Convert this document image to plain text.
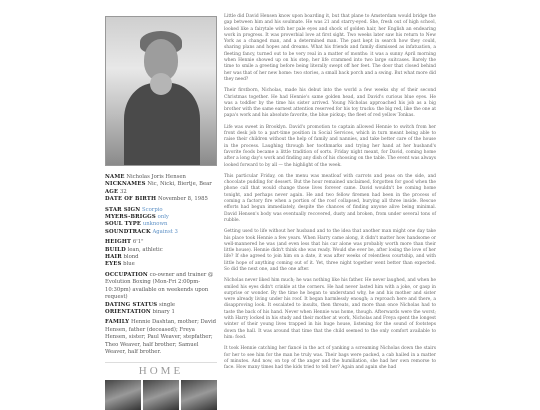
NAME Nicholas Joris Hensen
NICKNAMES Nic, Nicki, Biertje, Bear
AGE 32
DATE OF BIRTH November 8, 1985
STAR SIGN Scorpio
MYERS-BRIGGS only
SOUL TYPE unknown
SOUNDTRACK Against 3
HEIGHT 6'1"
BUILD lean, athletic
HAIR blond
EYES blue
OCCUPATION co-owner and trainer @ Evolution Boxing (Mon-Fri 2:00pm-10:30pm) available on weekends upon request)
DATING STATUS single
ORIENTATION binary 1
FAMILY Hennie Dashtan, mother; David Hensen, father (deceased); Freya Hensen, sister; Paul Weaver, stepfather; Theo Weaver, half brother; Samuel Weaver, half brother.
HOME

Little did David Hensen know upon boarding it, but that plane to Amsterdam would bridge the gap between him and his soulmate. He was 21 and starry-eyed. She, fresh out of high school, looked like a fairytale with her pale eyes and shock of golden hair, her English an endearing work in progress. It was proverbial love at first sight. Two weeks later saw his return to New York as a changed man, and a determined man. The past kept in search how they could, sharing plans and hopes and dreams. What his friends and family dismissed as infatuation, a fleeting fancy, turned out to be very real in a matter of months: it was a sunny April morning when Hennie showed up on his step, her life crammed into two large suitcases. Barely the time to smile a greeting before being literally swept off her feet. The door that closed behind her was that of her new home: two stories, a small back porch and a swing. But what more did they need?

Their firstborn, Nicholas, made his debut into the world a few weeks shy of their second Christmas together. He had Hennie's same golden head, and David's curious blue eyes. He was a toddler by the time his sister arrived. Young Nicholas approached his job as a big brother with the same earnest attention reserved for his toy trucks: the big red, like the one at papa's work and his absolute favorite, the blue pickup; the fleet of red yellow Tonkas.

Life was sweet in Brooklyn. David's promotion to captain allowed Hennie to switch from her front desk job to a part-time position in Social Services, which in turn meant being able to raise their children without the help of family and nannies, and take better care of the house in the process. Laughing through her toothmarks and trying her hand at her husband's favorite foods became a little tradition of sorts. Friday night meant, for David, coming home after a long day's work and finding any dish of his choosing on the table. The event was always looked forward to by all — the highlight of the week.

This particular Friday, on the menu was meatloaf with carrots and peas on the side, and chocolate pudding for dessert. But the hour remained unclaimed, forgotten for good when the phone call that would change those lives forever came. David wouldn't be coming home tonight, and perhaps never again. He and two fellow firemen had been in the process of coming a factory fire when a portion of the roof collapsed, burying all three inside. Rescue efforts had begun immediately, despite the chances of finding anyone alive being minimal. David Hensen's body was eventually recovered, dusty and broken, from under several tons of rubble.

Getting used to life without her husband and to the idea that another man might one day take his place took Hennie a few years. When Harry came along, it didn't matter how handsome or well-mannered he was (and even less that his car alone was probably worth more than their little house). Hennie didn't think she was ready. Would she ever be, after losing the love of her life? If she agreed to join him on a date, it was after weeks of relentless courtship, and with little hope of anything coming out of it. Yet, three night together went better than expected. So did the next one, and the one after.

Nicholas never liked him much; he was nothing like his father. He never laughed, and when he smiled his eyes didn't crinkle at the corners. He had never lasted him with a joke, or gasp in surprise or wonder. By the time he began to understand why, he and his mother and sister were already living under his roof. It began harmlessly enough; a reproach here and there, a disapproving look. It escalated to insults, then threats, and more than once Nicholas had to taste the back of his hand. Never when Hennie was home, though. Afterwards were the worst; with Harry locked in his study and their mother at work, Nicholas and Freya spent the longest winter of their young lives trapped in his huge house, listening for the sound of footsteps down the hall. It was around that time that the child seemed to the only comfort available to him: food.

It took Hennie catching her fiancé in the act of yanking a screaming Nicholas down the stairs for her to see him for the man he truly was. Their bags were packed, a cab hailed in a matter of minutes. And now, on top of the anger and the humiliation, she had her own remorse to face. How many times had the kids tried to tell her? Again and again she had
